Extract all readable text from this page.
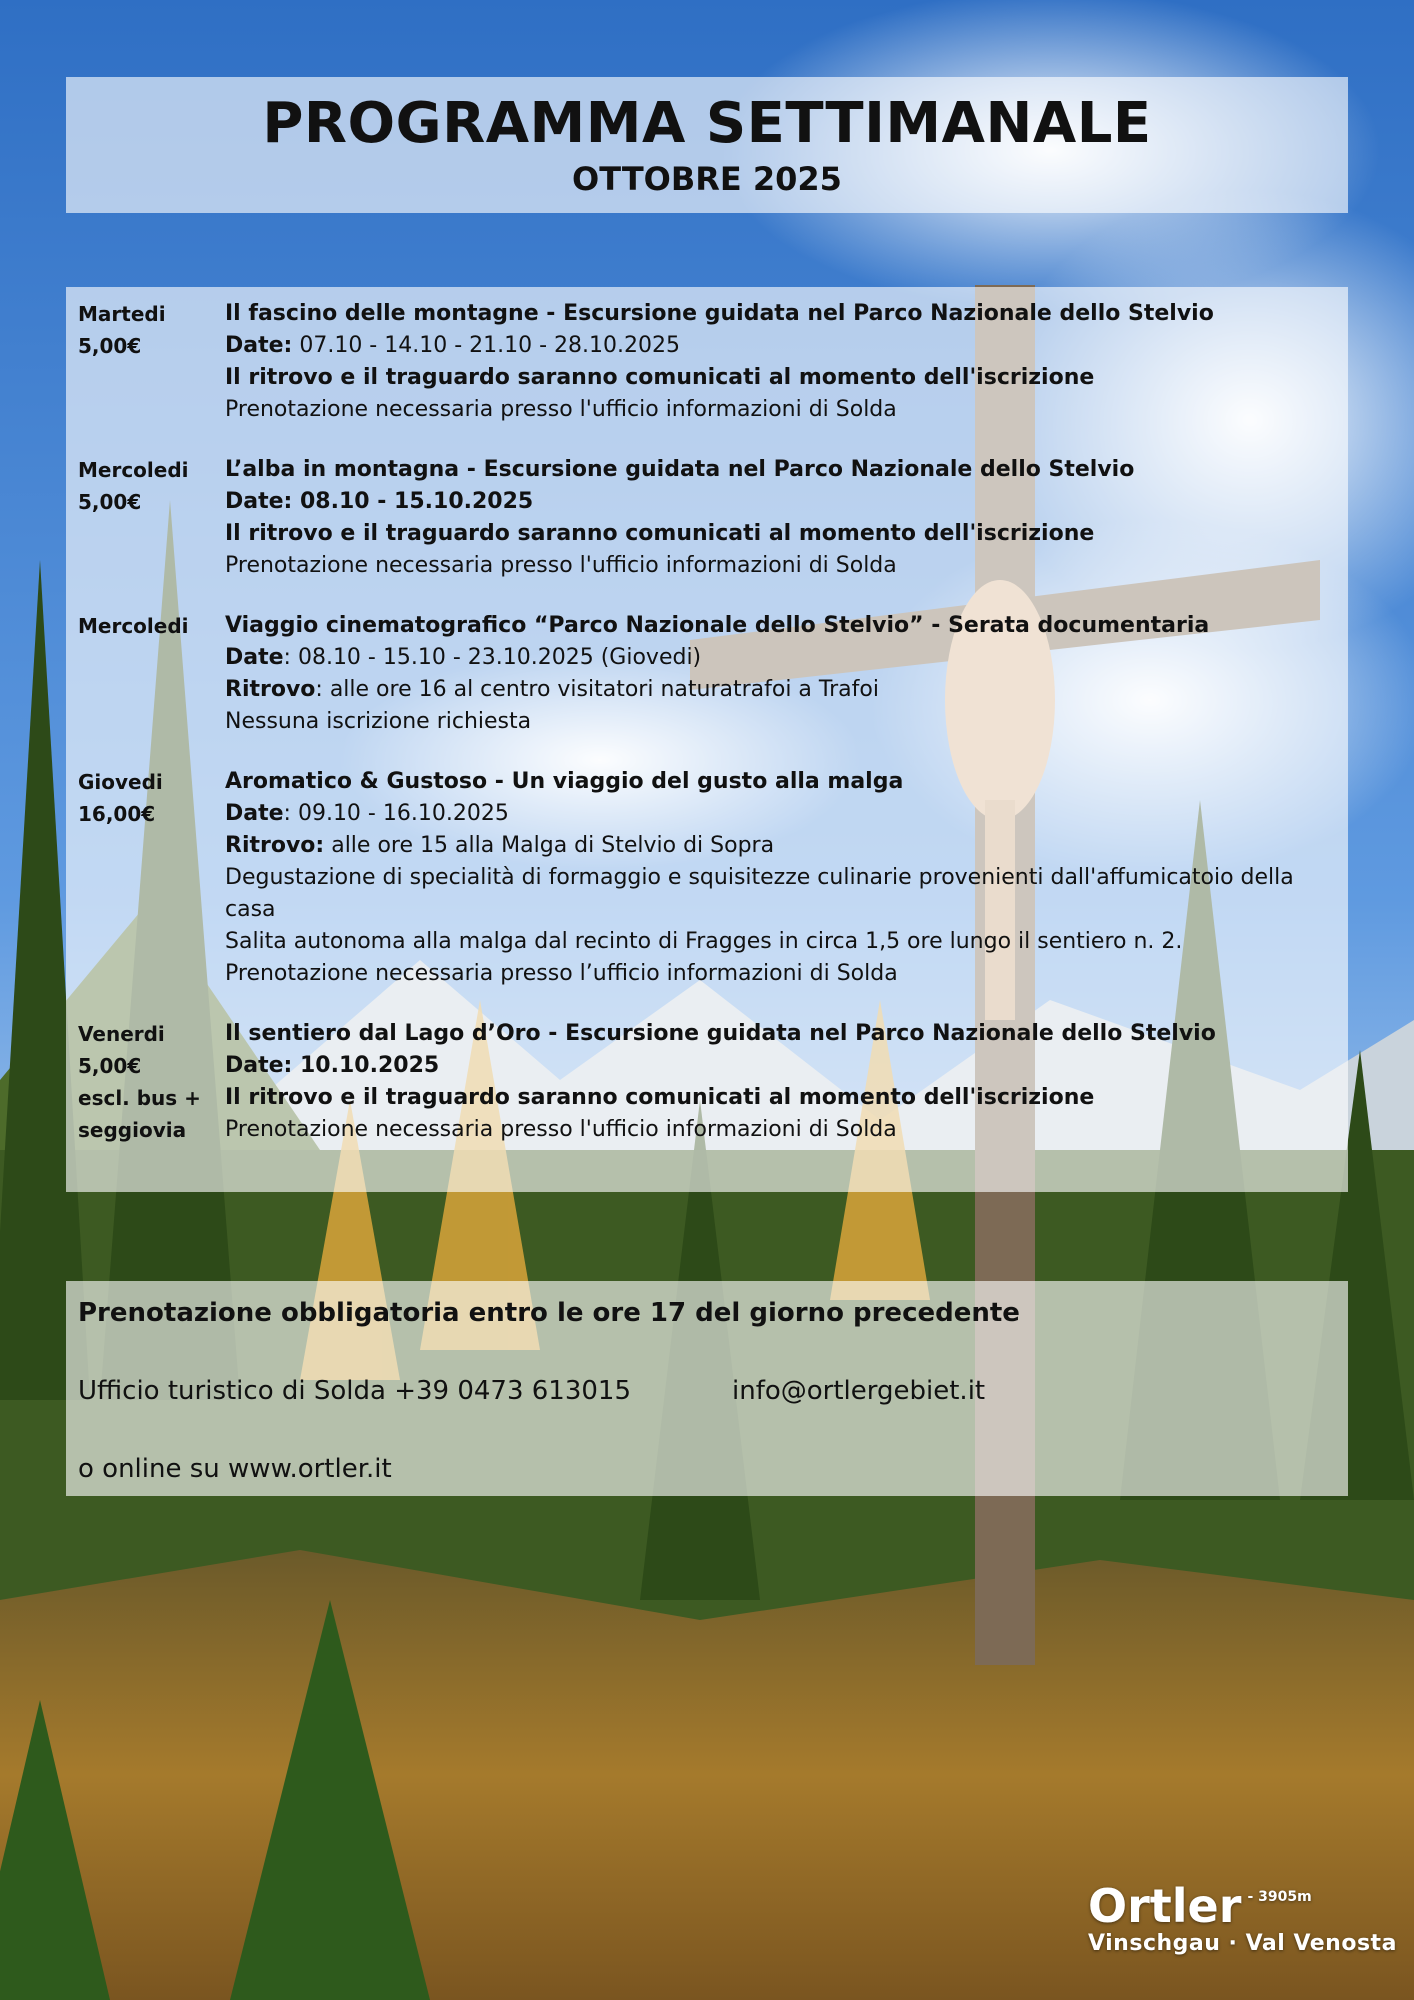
PROGRAMMA SETTIMANALE
OTTOBRE 2025
Martedi
5,00€
Il fascino delle montagne - Escursione guidata nel Parco Nazionale dello Stelvio
Date: 07.10 - 14.10 - 21.10 - 28.10.2025
Il ritrovo e il traguardo saranno comunicati al momento dell'iscrizione
Prenotazione necessaria presso l'ufficio informazioni di Solda
Mercoledi
5,00€
L’alba in montagna - Escursione guidata nel Parco Nazionale dello Stelvio
Date: 08.10 - 15.10.2025
Il ritrovo e il traguardo saranno comunicati al momento dell'iscrizione
Prenotazione necessaria presso l'ufficio informazioni di Solda
Mercoledi	Viaggio cinematografico “Parco Nazionale dello Stelvio” - Serata documentaria
Date: 08.10 - 15.10 - 23.10.2025 (Giovedi)
Ritrovo: alle ore 16 al centro visitatori naturatrafoi a Trafoi
Nessuna iscrizione richiesta
Giovedi
16,00€
Aromatico & Gustoso - Un viaggio del gusto alla malga
Date: 09.10 - 16.10.2025
Ritrovo: alle ore 15 alla Malga di Stelvio di Sopra
Degustazione di specialità di formaggio e squisitezze culinarie provenienti dall'affumicatoio della casa
Salita autonoma alla malga dal recinto di Fragges in circa 1,5 ore lungo il sentiero n. 2.
Prenotazione necessaria presso l’ufficio informazioni di Solda
Venerdi
5,00€
escl. bus +
seggiovia
Il sentiero dal Lago d’Oro - Escursione guidata nel Parco Nazionale dello Stelvio
Date: 10.10.2025
Il ritrovo e il traguardo saranno comunicati al momento dell'iscrizione
Prenotazione necessaria presso l'ufficio informazioni di Solda
Prenotazione obbligatoria entro le ore 17 del giorno precedente
Ufficio turistico di Solda +39 0473 613015	info@ortlergebiet.it
o online su www.ortler.it
Ortler - 3905m
Vinschgau · Val Venosta
